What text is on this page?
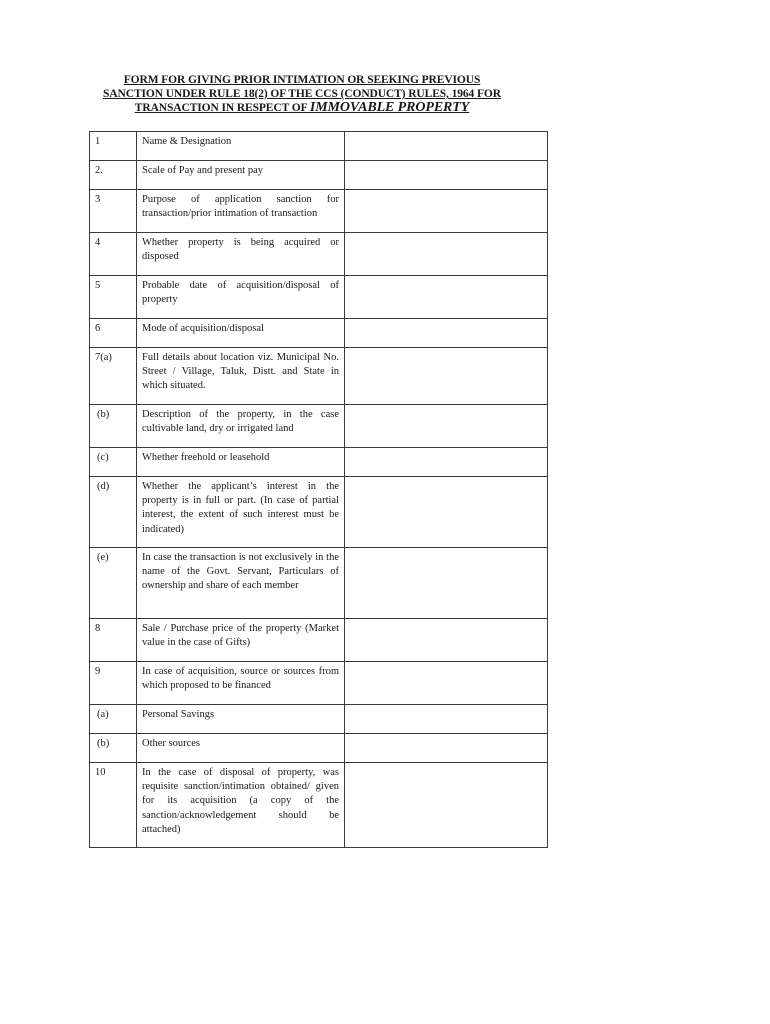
FORM FOR GIVING PRIOR INTIMATION OR SEEKING PREVIOUS
SANCTION UNDER RULE 18(2) OF THE CCS (CONDUCT) RULES, 1964 FOR
TRANSACTION IN RESPECT OF IMMOVABLE PROPERTY
1	Name & Designation	
2.	Scale of Pay and present pay	
3	Purpose of application sanction for transaction/prior intimation of transaction	
4	Whether property is being acquired or disposed	
5	Probable date of acquisition/disposal of property	
6	Mode of acquisition/disposal	
7(a)	Full details about location viz. Municipal No. Street / Village, Taluk, Distt. and State in which situated.	
(b)	Description of the property, in the case cultivable land, dry or irrigated land	
(c)	Whether freehold or leasehold	
(d)	Whether the applicant’s interest in the property is in full or part. (In case of partial interest, the extent of such interest must be indicated)	
(e)	In case the transaction is not exclusively in the name of the Govt. Servant, Particulars of ownership and share of each member	
8	Sale / Purchase price of the property (Market value in the case of Gifts)	
9	In case of acquisition, source or sources from which proposed to be financed	
(a)	Personal Savings	
(b)	Other sources	
10	In the case of disposal of property, was requisite sanction/intimation obtained/ given for its acquisition (a copy of the sanction/acknowledgement should be attached)	
